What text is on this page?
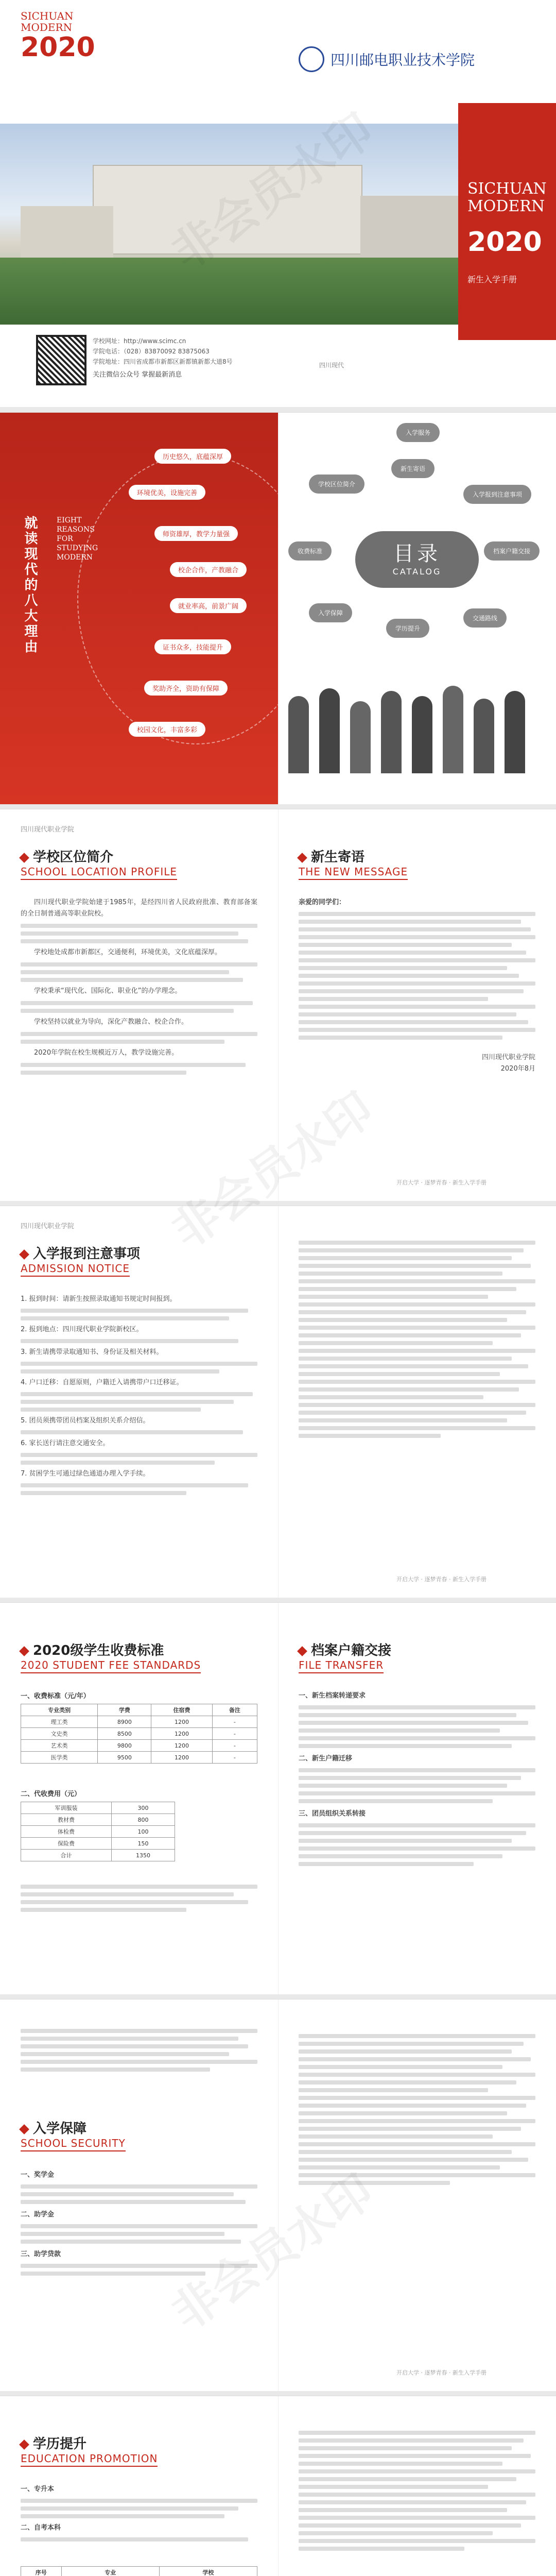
SICHUAN
MODERN
2020	四川邮电职业技术学院
SICHUAN
MODERN
2020
新生入学手册
学校网址：http://www.scimc.cn
学院电话：（028）83870092 83875063
学院地址：四川省成都市新都区新都镇新都大道8号
关注微信公众号 掌握最新消息
四川现代
就读现代的八大理由	EIGHT
REASONS
FOR
STUDYING
MODERN
历史悠久，底蕴深厚
环境优美，设施完善
师资雄厚，教学力量强
校企合作，产教融合
就业率高，前景广阔
证书众多，技能提升
奖助齐全，资助有保障
校园文化，丰富多彩
目录
CATALOG
学校区位简介
新生寄语
入学报到注意事项
收费标准	档案户籍交接
入学保障
学历提升
交通路线
入学服务
四川现代职业学院
学校区位简介
SCHOOL LOCATION PROFILE

四川现代职业学院始建于1985年，是经四川省人民政府批准、教育部备案的全日制普通高等职业院校。

学校地处成都市新都区，交通便利，环境优美，文化底蕴深厚。

学校秉承“现代化、国际化、职业化”的办学理念。

学校坚持以就业为导向，深化产教融合、校企合作。

2020年学院在校生规模近万人，教学设施完善。

新生寄语
THE NEW MESSAGE
亲爱的同学们：
四川现代职业学院
2020年8月
开启大学 · 逐梦青春 · 新生入学手册
四川现代职业学院
入学报到注意事项
ADMISSION NOTICE
1. 报到时间：请新生按照录取通知书规定时间报到。
2. 报到地点：四川现代职业学院新校区。
3. 新生请携带录取通知书、身份证及相关材料。
4. 户口迁移：自愿原则，户籍迁入请携带户口迁移证。
5. 团员须携带团员档案及组织关系介绍信。
6. 家长送行请注意交通安全。
7. 贫困学生可通过绿色通道办理入学手续。
开启大学 · 逐梦青春 · 新生入学手册
2020级学生收费标准
2020 STUDENT FEE STANDARDS
一、收费标准（元/年）
专业类别	学费	住宿费	备注
理工类	8900	1200	-
文史类	8500	1200	-
艺术类	9800	1200	-
医学类	9500	1200	-
二、代收费用（元）
军训服装	300
教材费	800
体检费	100
保险费	150
合计	1350
档案户籍交接
FILE TRANSFER
一、新生档案转递要求
二、新生户籍迁移
三、团员组织关系转接
入学保障
SCHOOL SECURITY
一、奖学金
二、助学金
三、助学贷款
开启大学 · 逐梦青春 · 新生入学手册
学历提升
EDUCATION PROMOTION
一、专升本
二、自考本科
序号	专业	学校
